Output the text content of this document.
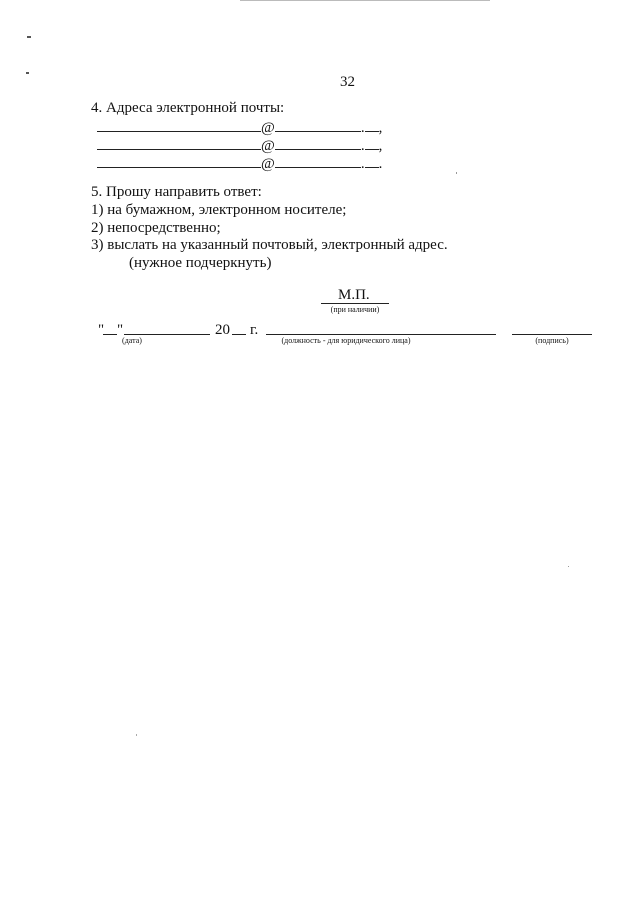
32
4. Адреса электронной почты:
@	. ,
@	. ,
@	. .
5. Прошу направить ответ:
1) на бумажном, электронном носителе;
2) непосредственно;
3) выслать на указанный почтовый, электронный адрес.
(нужное подчеркнуть)
М.П.
(при наличии)
" "	20 г.
(дата)	(должность - для юридического лица)	(подпись)
